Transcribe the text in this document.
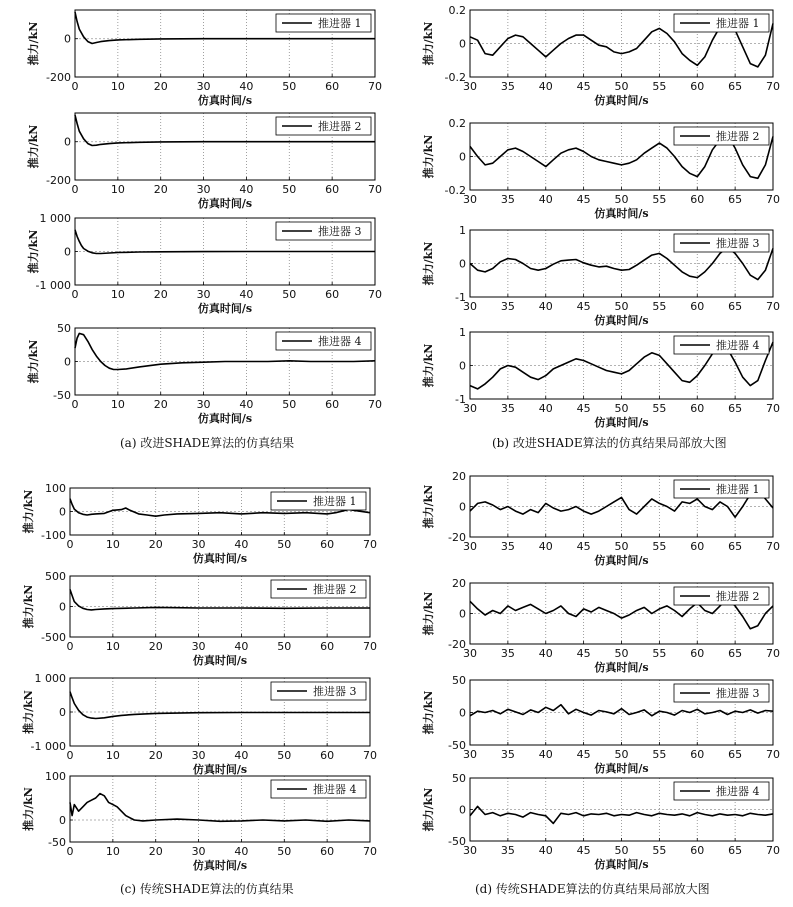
0	10	20	30	40	50	60	70
0
-200
推力/kN
仿真时间/s
推进器 1
0	10	20	30	40	50	60	70
0
-200
推力/kN
仿真时间/s
推进器 2
0	10	20	30	40	50	60	70
1 000
0
-1 000
推力/kN
仿真时间/s
推进器 3
0	10	20	30	40	50	60	70
50
0
-50
推力/kN
仿真时间/s
推进器 4
30 35 40 45 50 55 60 65 70
0.2
0
-0.2
推力/kN
仿真时间/s
推进器 1
30 35 40 45 50 55 60 65 70
0.2
0
-0.2
推力/kN
仿真时间/s
推进器 2
30 35 40 45 50 55 60 65 70
1
0
-1
推力/kN
仿真时间/s
推进器 3
30 35 40 45 50 55 60 65 70
1
0
-1
推力/kN
仿真时间/s
推进器 4
0	10	20	30	40	50	60	70
100
0
-100
推力/kN
仿真时间/s
推进器 1
0	10	20	30	40	50	60	70
500
0
-500
推力/kN
仿真时间/s
推进器 2
0	10	20	30	40	50	60	70
1 000
0
-1 000
推力/kN
仿真时间/s
推进器 3
0	10	20	30	40	50	60	70
100
0
-50
推力/kN
仿真时间/s
推进器 4
30 35 40 45 50 55 60 65 70
20
0
-20
推力/kN
仿真时间/s
推进器 1
30 35 40 45 50 55 60 65 70
20
0
-20
推力/kN
仿真时间/s
推进器 2
30 35 40 45 50 55 60 65 70
50
0
-50
推力/kN
仿真时间/s
推进器 3
30 35 40 45 50 55 60 65 70
50
0
-50
推力/kN
仿真时间/s
推进器 4
(a) 改进SHADE算法的仿真结果	(b) 改进SHADE算法的仿真结果局部放大图
(c) 传统SHADE算法的仿真结果	(d) 传统SHADE算法的仿真结果局部放大图
